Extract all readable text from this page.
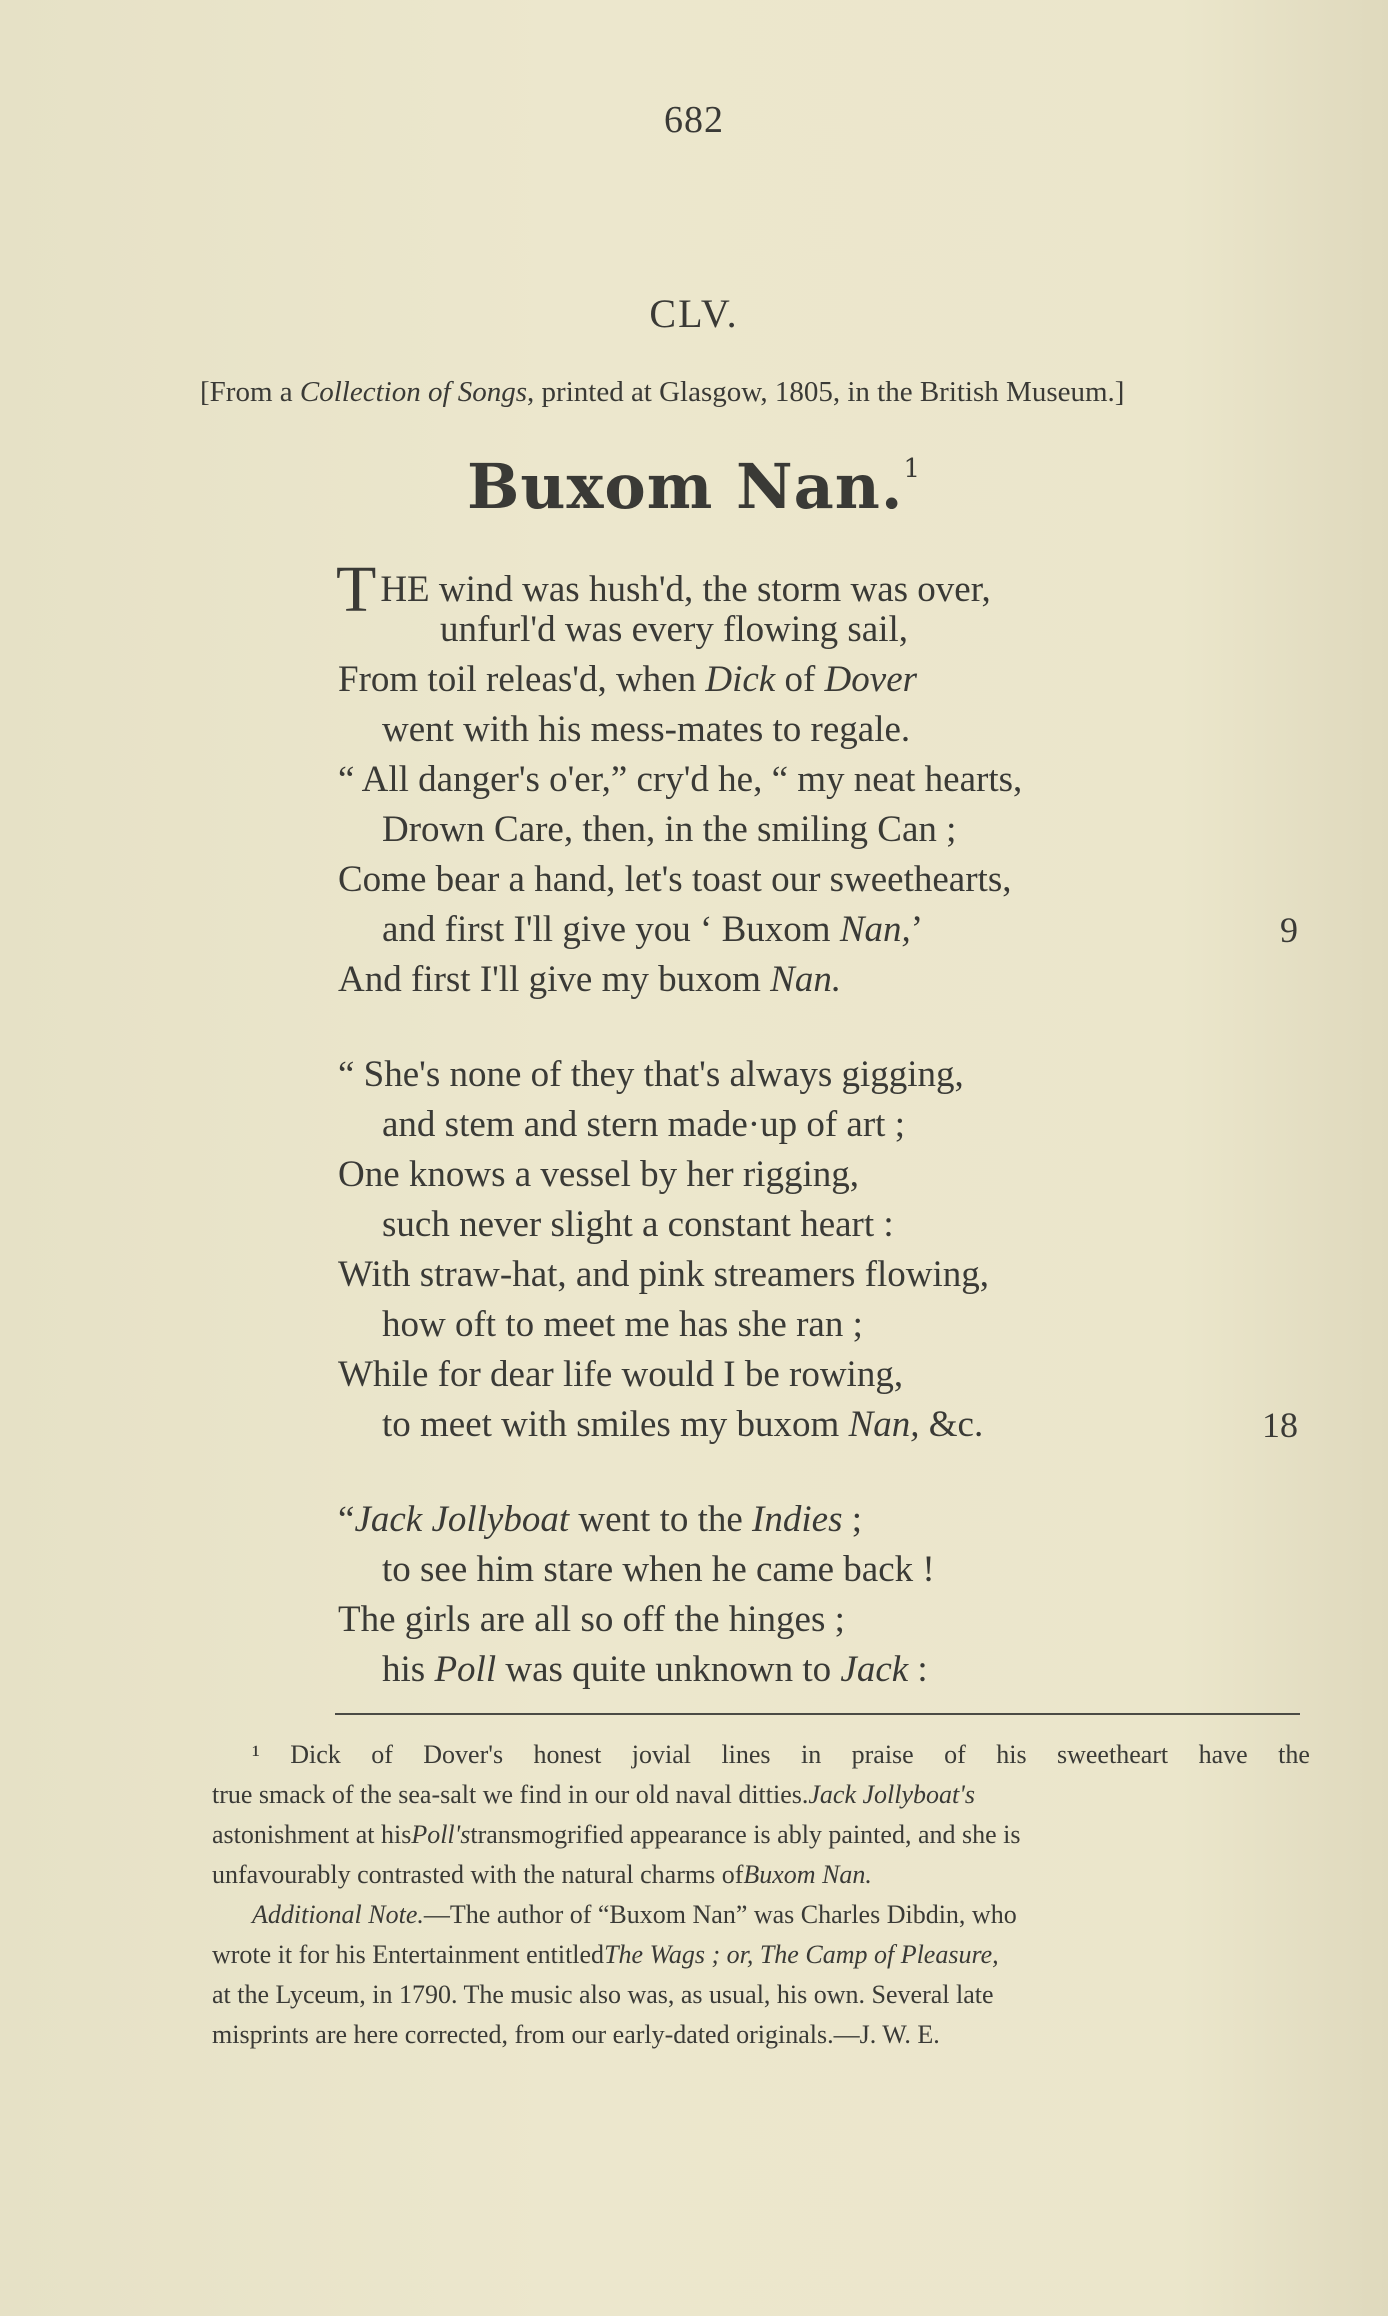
682
CLV.
[From a Collection of Songs, printed at Glasgow, 1805, in the British Museum.]
Buxom Nan.$^1$
THE wind was hush'd, the storm was over,
unfurl'd was every flowing sail,
From toil releas'd, when Dick of Dover
went with his mess-mates to regale.
“ All danger's o'er,” cry'd he, “ my neat hearts,
Drown Care, then, in the smiling Can ;
Come bear a hand, let's toast our sweethearts,
and first I'll give you ‘ Buxom Nan,’	9
And first I'll give my buxom Nan.
“ She's none of they that's always gigging,
and stem and stern made·up of art ;
One knows a vessel by her rigging,
such never slight a constant heart :
With straw-hat, and pink streamers flowing,
how oft to meet me has she ran ;
While for dear life would I be rowing,
to meet with smiles my buxom Nan, &c.	18
“Jack Jollyboat went to the Indies ;
to see him stare when he came back !
The girls are all so off the hinges ;
his Poll was quite unknown to Jack :
¹ Dick of Dover's honest jovial lines in praise of his sweetheart have the
true smack of the sea-salt we find in our old naval ditties. Jack Jollyboat's
astonishment at his Poll's transmogrified appearance is ably painted, and she is
unfavourably contrasted with the natural charms of Buxom Nan.
Additional Note. —The author of “Buxom Nan” was Charles Dibdin, who
wrote it for his Entertainment entitled The Wags ; or, The Camp of Pleasure,
at the Lyceum, in 1790. The music also was, as usual, his own. Several late
misprints are here corrected, from our early-dated originals.—J. W. E.
